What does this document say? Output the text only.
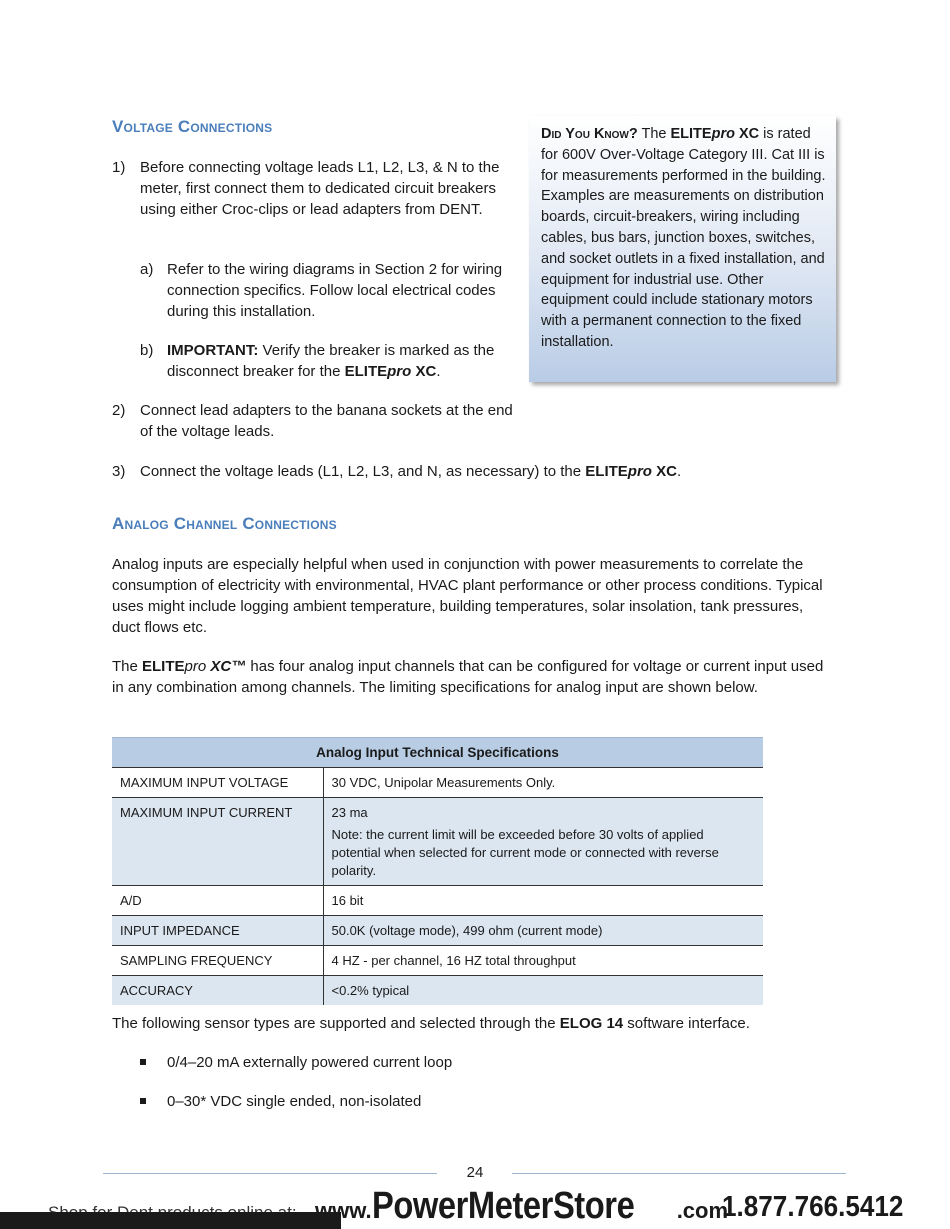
Voltage Connections
1) Before connecting voltage leads L1, L2, L3, & N to the meter, first connect them to dedicated circuit breakers using either Croc-clips or lead adapters from DENT.
a) Refer to the wiring diagrams in Section 2 for wiring connection specifics. Follow local electrical codes during this installation.
b) IMPORTANT: Verify the breaker is marked as the disconnect breaker for the ELITEpro XC.
2) Connect lead adapters to the banana sockets at the end of the voltage leads.
3) Connect the voltage leads (L1, L2, L3, and N, as necessary) to the ELITEpro XC.
Did You Know? The ELITEpro XC is rated for 600V Over-Voltage Category III. Cat III is for measurements performed in the building. Examples are measurements on distribution boards, circuit-breakers, wiring including cables, bus bars, junction boxes, switches, and socket outlets in a fixed installation, and equipment for industrial use. Other equipment could include stationary motors with a permanent connection to the fixed installation.
Analog Channel Connections
Analog inputs are especially helpful when used in conjunction with power measurements to correlate the consumption of electricity with environmental, HVAC plant performance or other process conditions. Typical uses might include logging ambient temperature, building temperatures, solar insolation, tank pressures, duct flows etc.
The ELITEpro XC™ has four analog input channels that can be configured for voltage or current input used in any combination among channels. The limiting specifications for analog input are shown below.
Analog Input Technical Specifications	
MAXIMUM INPUT VOLTAGE	30 VDC, Unipolar Measurements Only.
MAXIMUM INPUT CURRENT	23 ma
Note: the current limit will be exceeded before 30 volts of applied potential when selected for current mode or connected with reverse polarity.

A/D	16 bit
INPUT IMPEDANCE	50.0K (voltage mode), 499 ohm (current mode)
SAMPLING FREQUENCY	4 HZ - per channel, 16 HZ total throughput
ACCURACY	<0.2% typical
The following sensor types are supported and selected through the ELOG 14 software interface.
0/4–20 mA externally powered current loop
0–30* VDC single ended, non-isolated
24
www.PowerMeterStore .com
1.877.766.5412
